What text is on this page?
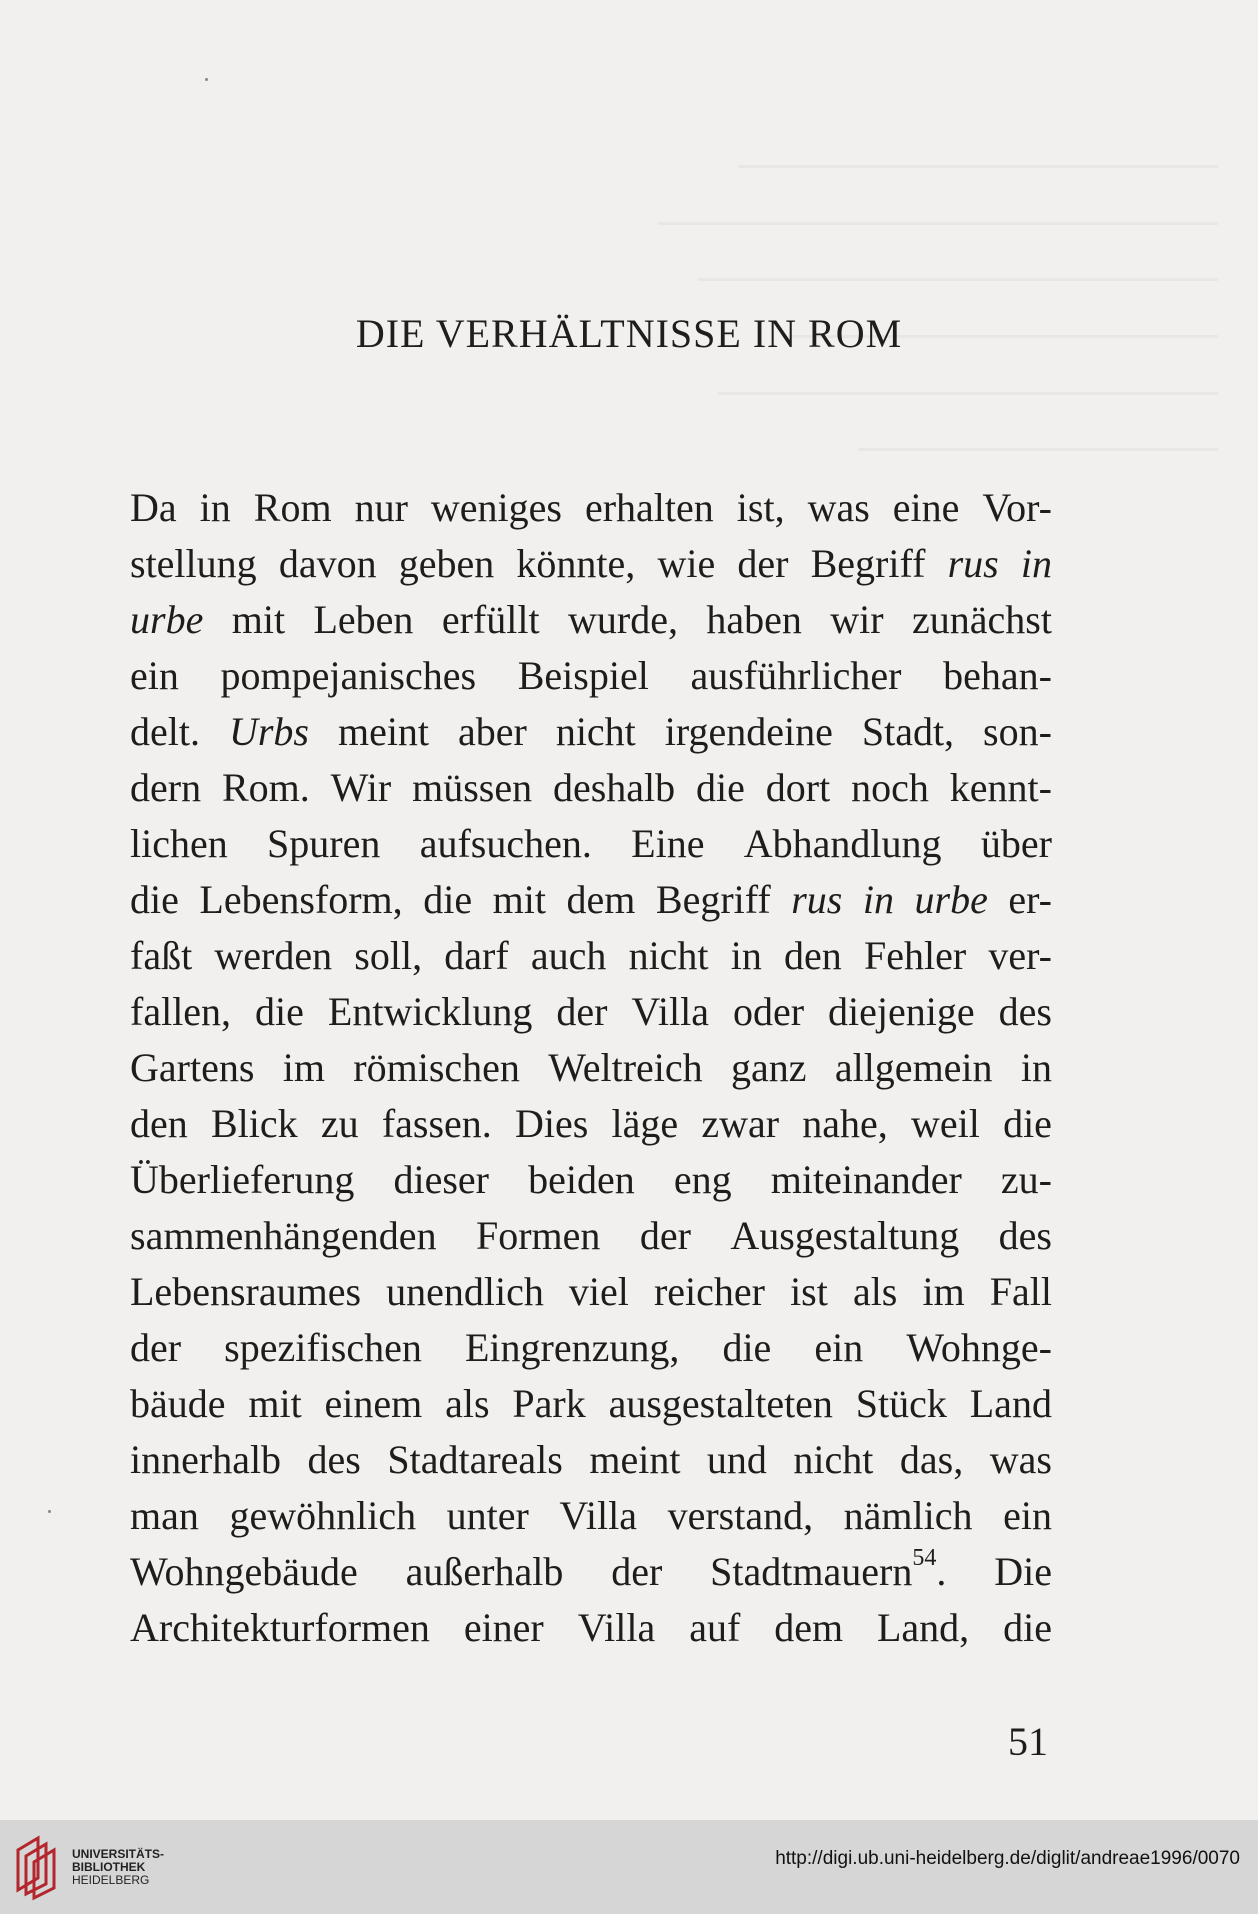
DIE VERHÄLTNISSE IN ROM
Da in Rom nur weniges erhalten ist, was eine Vor-
stellung davon geben könnte, wie der Begriff rus in
urbe mit Leben erfüllt wurde, haben wir zunächst
ein pompejanisches Beispiel ausführlicher behan-
delt. Urbs meint aber nicht irgendeine Stadt, son-
dern Rom. Wir müssen deshalb die dort noch kennt-
lichen Spuren aufsuchen. Eine Abhandlung über
die Lebensform, die mit dem Begriff rus in urbe er-
faßt werden soll, darf auch nicht in den Fehler ver-
fallen, die Entwicklung der Villa oder diejenige des
Gartens im römischen Weltreich ganz allgemein in
den Blick zu fassen. Dies läge zwar nahe, weil die
Überlieferung dieser beiden eng miteinander zu-
sammenhängenden Formen der Ausgestaltung des
Lebensraumes unendlich viel reicher ist als im Fall
der spezifischen Eingrenzung, die ein Wohnge-
bäude mit einem als Park ausgestalteten Stück Land
innerhalb des Stadtareals meint und nicht das, was
man gewöhnlich unter Villa verstand, nämlich ein
Wohngebäude außerhalb der Stadtmauern$^{54}$. Die
Architekturformen einer Villa auf dem Land, die
51
UNIVERSITÄTS-
BIBLIOTHEK
HEIDELBERG
http://digi.ub.uni-heidelberg.de/diglit/andreae1996/0070
